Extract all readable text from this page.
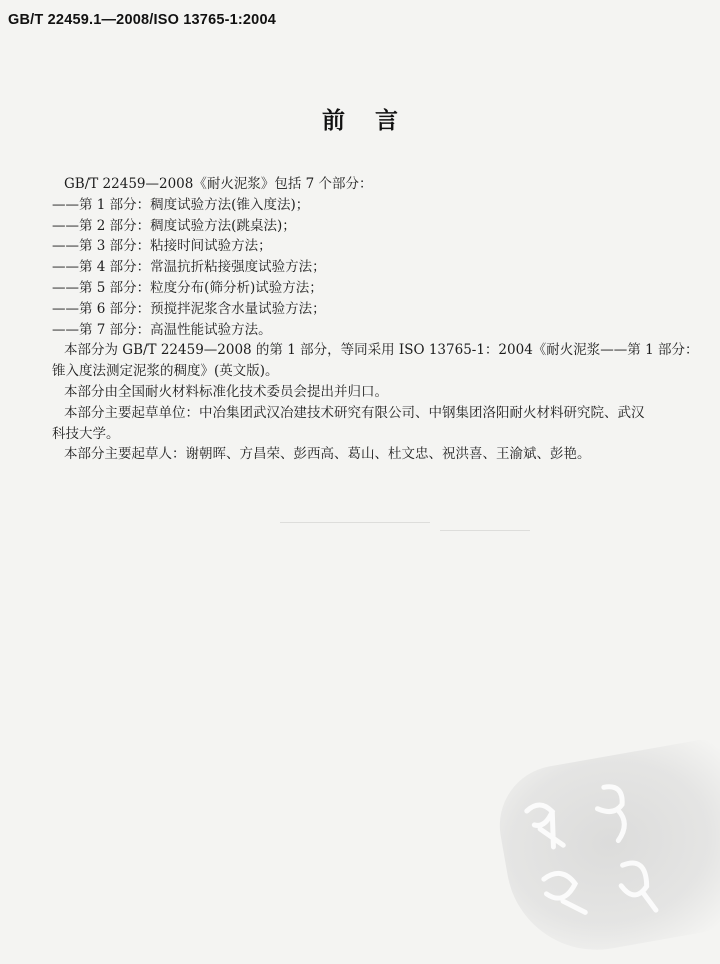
GB/T 22459.1—2008/ISO 13765-1:2004
前言
GB/T 22459—2008《耐火泥浆》包括 7 个部分：
——第 1 部分：稠度试验方法(锥入度法)；
——第 2 部分：稠度试验方法(跳桌法)；
——第 3 部分：粘接时间试验方法；
——第 4 部分：常温抗折粘接强度试验方法；
——第 5 部分：粒度分布(筛分析)试验方法；
——第 6 部分：预搅拌泥浆含水量试验方法；
——第 7 部分：高温性能试验方法。
本部分为 GB/T 22459—2008 的第 1 部分，等同采用 ISO 13765-1：2004《耐火泥浆——第 1 部分：
锥入度法测定泥浆的稠度》(英文版)。
本部分由全国耐火材料标准化技术委员会提出并归口。
本部分主要起草单位：中冶集团武汉冶建技术研究有限公司、中钢集团洛阳耐火材料研究院、武汉
科技大学。
本部分主要起草人：谢朝晖、方昌荣、彭西高、葛山、杜文忠、祝洪喜、王渝斌、彭艳。
